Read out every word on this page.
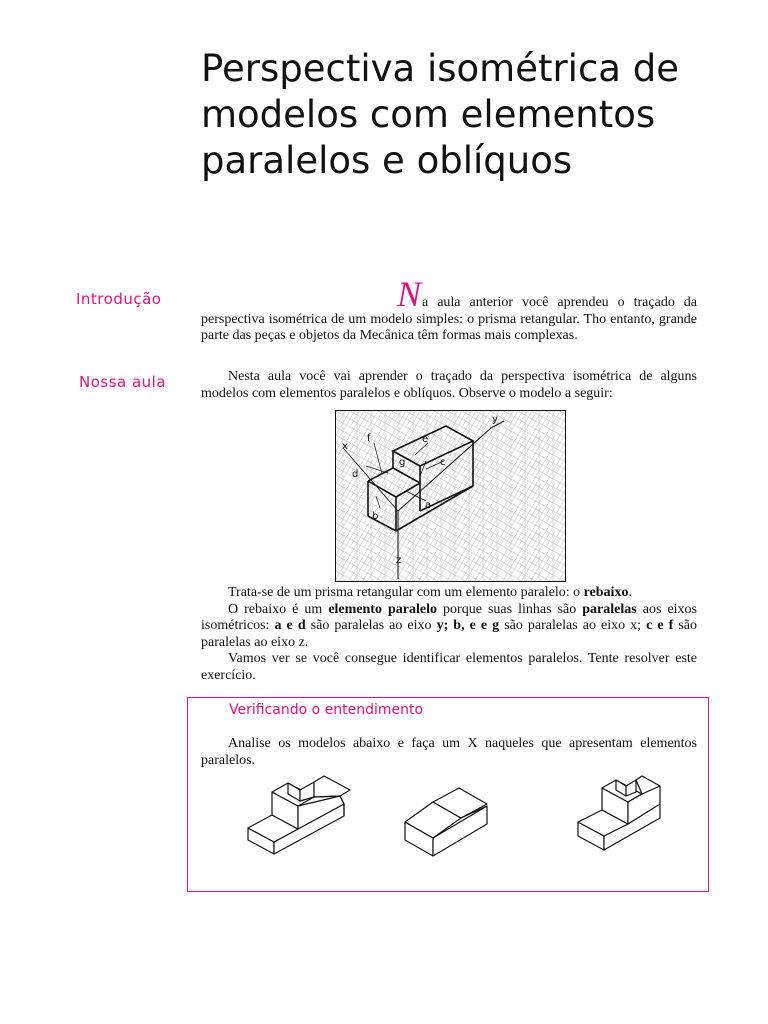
Perspectiva isométrica de modelos com elementos paralelos e oblíquos
Introdução
Nossa aula
Na aula anterior você aprendeu o traçado da perspectiva isométrica de um modelo simples: o prisma retangular. Tho entanto, grande parte das peças e objetos da Mecânica têm formas mais complexas.
Nesta aula você vai aprender o traçado da perspectiva isométrica de alguns modelos com elementos paralelos e oblíquos. Observe o modelo a seguir:
x
y
z
a
b
c
d
e
f
g
Trata-se de um prisma retangular com um elemento paralelo: o rebaixo.
O rebaixo é um elemento paralelo porque suas linhas são paralelas aos eixos isométricos: a e d são paralelas ao eixo y; b, e e g são paralelas ao eixo x; c e f são paralelas ao eixo z.
Vamos ver se você consegue identificar elementos paralelos. Tente resolver este exercício.
Verificando o entendimento
Analise os modelos abaixo e faça um X naqueles que apresentam elementos paralelos.
